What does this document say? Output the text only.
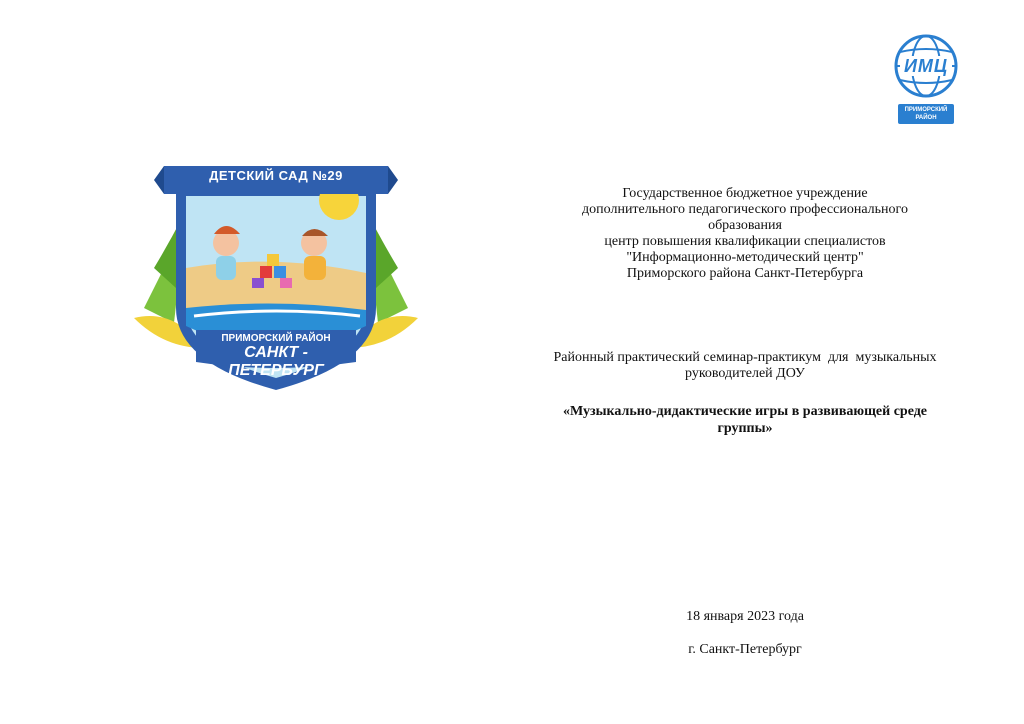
ИМЦ
ПРИМОРСКИЙ
РАЙОН
ДЕТСКИЙ САД №29
ПРИМОРСКИЙ РАЙОН
САНКТ - ПЕТЕРБУРГ
Государственное бюджетное учреждение
дополнительного педагогического профессионального
образования
центр повышения квалификации специалистов
"Информационно-методический центр"
Приморского района Санкт-Петербурга
Районный практический семинар-практикум  для  музыкальных
руководителей ДОУ
«Музыкально-дидактические игры в развивающей среде
группы»
18 января 2023 года
г. Санкт-Петербург
